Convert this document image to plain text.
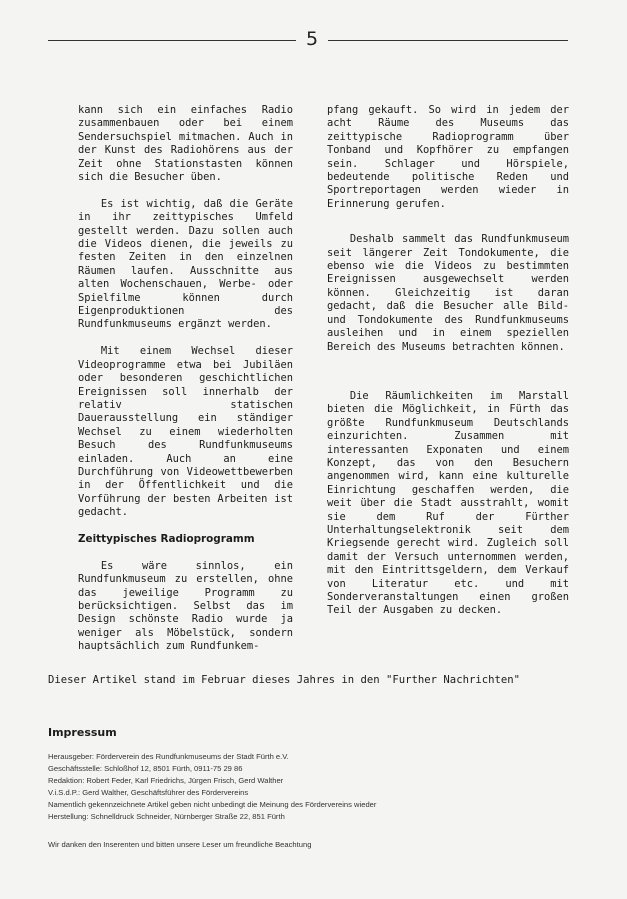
5

kann sich ein einfaches Radio zusammenbauen oder bei einem Sendersuchspiel mitmachen. Auch in der Kunst des Radiohörens aus der Zeit ohne Stationstasten können sich die Besucher üben.

Es ist wichtig, daß die Geräte in ihr zeittypisches Umfeld gestellt werden. Dazu sollen auch die Videos dienen, die jeweils zu festen Zeiten in den einzelnen Räumen laufen. Ausschnitte aus alten Wochenschauen, Werbe- oder Spielfilme können durch Eigenproduktionen des Rundfunkmuseums ergänzt werden.

Mit einem Wechsel dieser Videoprogramme etwa bei Jubiläen oder besonderen geschichtlichen Ereignissen soll innerhalb der relativ statischen Dauerausstellung ein ständiger Wechsel zu einem wiederholten Besuch des Rundfunkmuseums einladen. Auch an eine Durchführung von Videowettbewerben in der Öffentlichkeit und die Vorführung der besten Arbeiten ist gedacht.

Zeittypisches Radioprogramm

Es wäre sinnlos, ein Rundfunkmuseum zu erstellen, ohne das jeweilige Programm zu berücksichtigen. Selbst das im Design schönste Radio wurde ja weniger als Möbelstück, sondern hauptsächlich zum Rundfunkem-

pfang gekauft. So wird in jedem der acht Räume des Museums das zeittypische Radioprogramm über Tonband und Kopfhörer zu empfangen sein. Schlager und Hörspiele, bedeutende politische Reden und Sportreportagen werden wieder in Erinnerung gerufen.

Deshalb sammelt das Rundfunkmuseum seit längerer Zeit Tondokumente, die ebenso wie die Videos zu bestimmten Ereignissen ausgewechselt werden können. Gleichzeitig ist daran gedacht, daß die Besucher alle Bild- und Tondokumente des Rundfunkmuseums ausleihen und in einem speziellen Bereich des Museums betrachten können.

Die Räumlichkeiten im Marstall bieten die Möglichkeit, in Fürth das größte Rundfunkmuseum Deutschlands einzurichten. Zusammen mit interessanten Exponaten und einem Konzept, das von den Besuchern angenommen wird, kann eine kulturelle Einrichtung geschaffen werden, die weit über die Stadt ausstrahlt, womit sie dem Ruf der Fürther Unterhaltungselektronik seit dem Kriegsende gerecht wird. Zugleich soll damit der Versuch unternommen werden, mit den Eintrittsgeldern, dem Verkauf von Literatur etc. und mit Sonderveranstaltungen einen großen Teil der Ausgaben zu decken.

Dieser Artikel stand im Februar dieses Jahres in den "Further Nachrichten"
Impressum
Herausgeber: Förderverein des Rundfunkmuseums der Stadt Fürth e.V.
Geschäftsstelle: Schloßhof 12, 8501 Fürth, 0911-75 29 86
Redaktion: Robert Feder, Karl Friedrichs, Jürgen Frisch, Gerd Walther
V.i.S.d.P.: Gerd Walther, Geschäftsführer des Fördervereins
Namentlich gekennzeichnete Artikel geben nicht unbedingt die Meinung des Fördervereins wieder
Herstellung: Schnelldruck Schneider, Nürnberger Straße 22, 851 Fürth
Wir danken den Inserenten und bitten unsere Leser um freundliche Beachtung
